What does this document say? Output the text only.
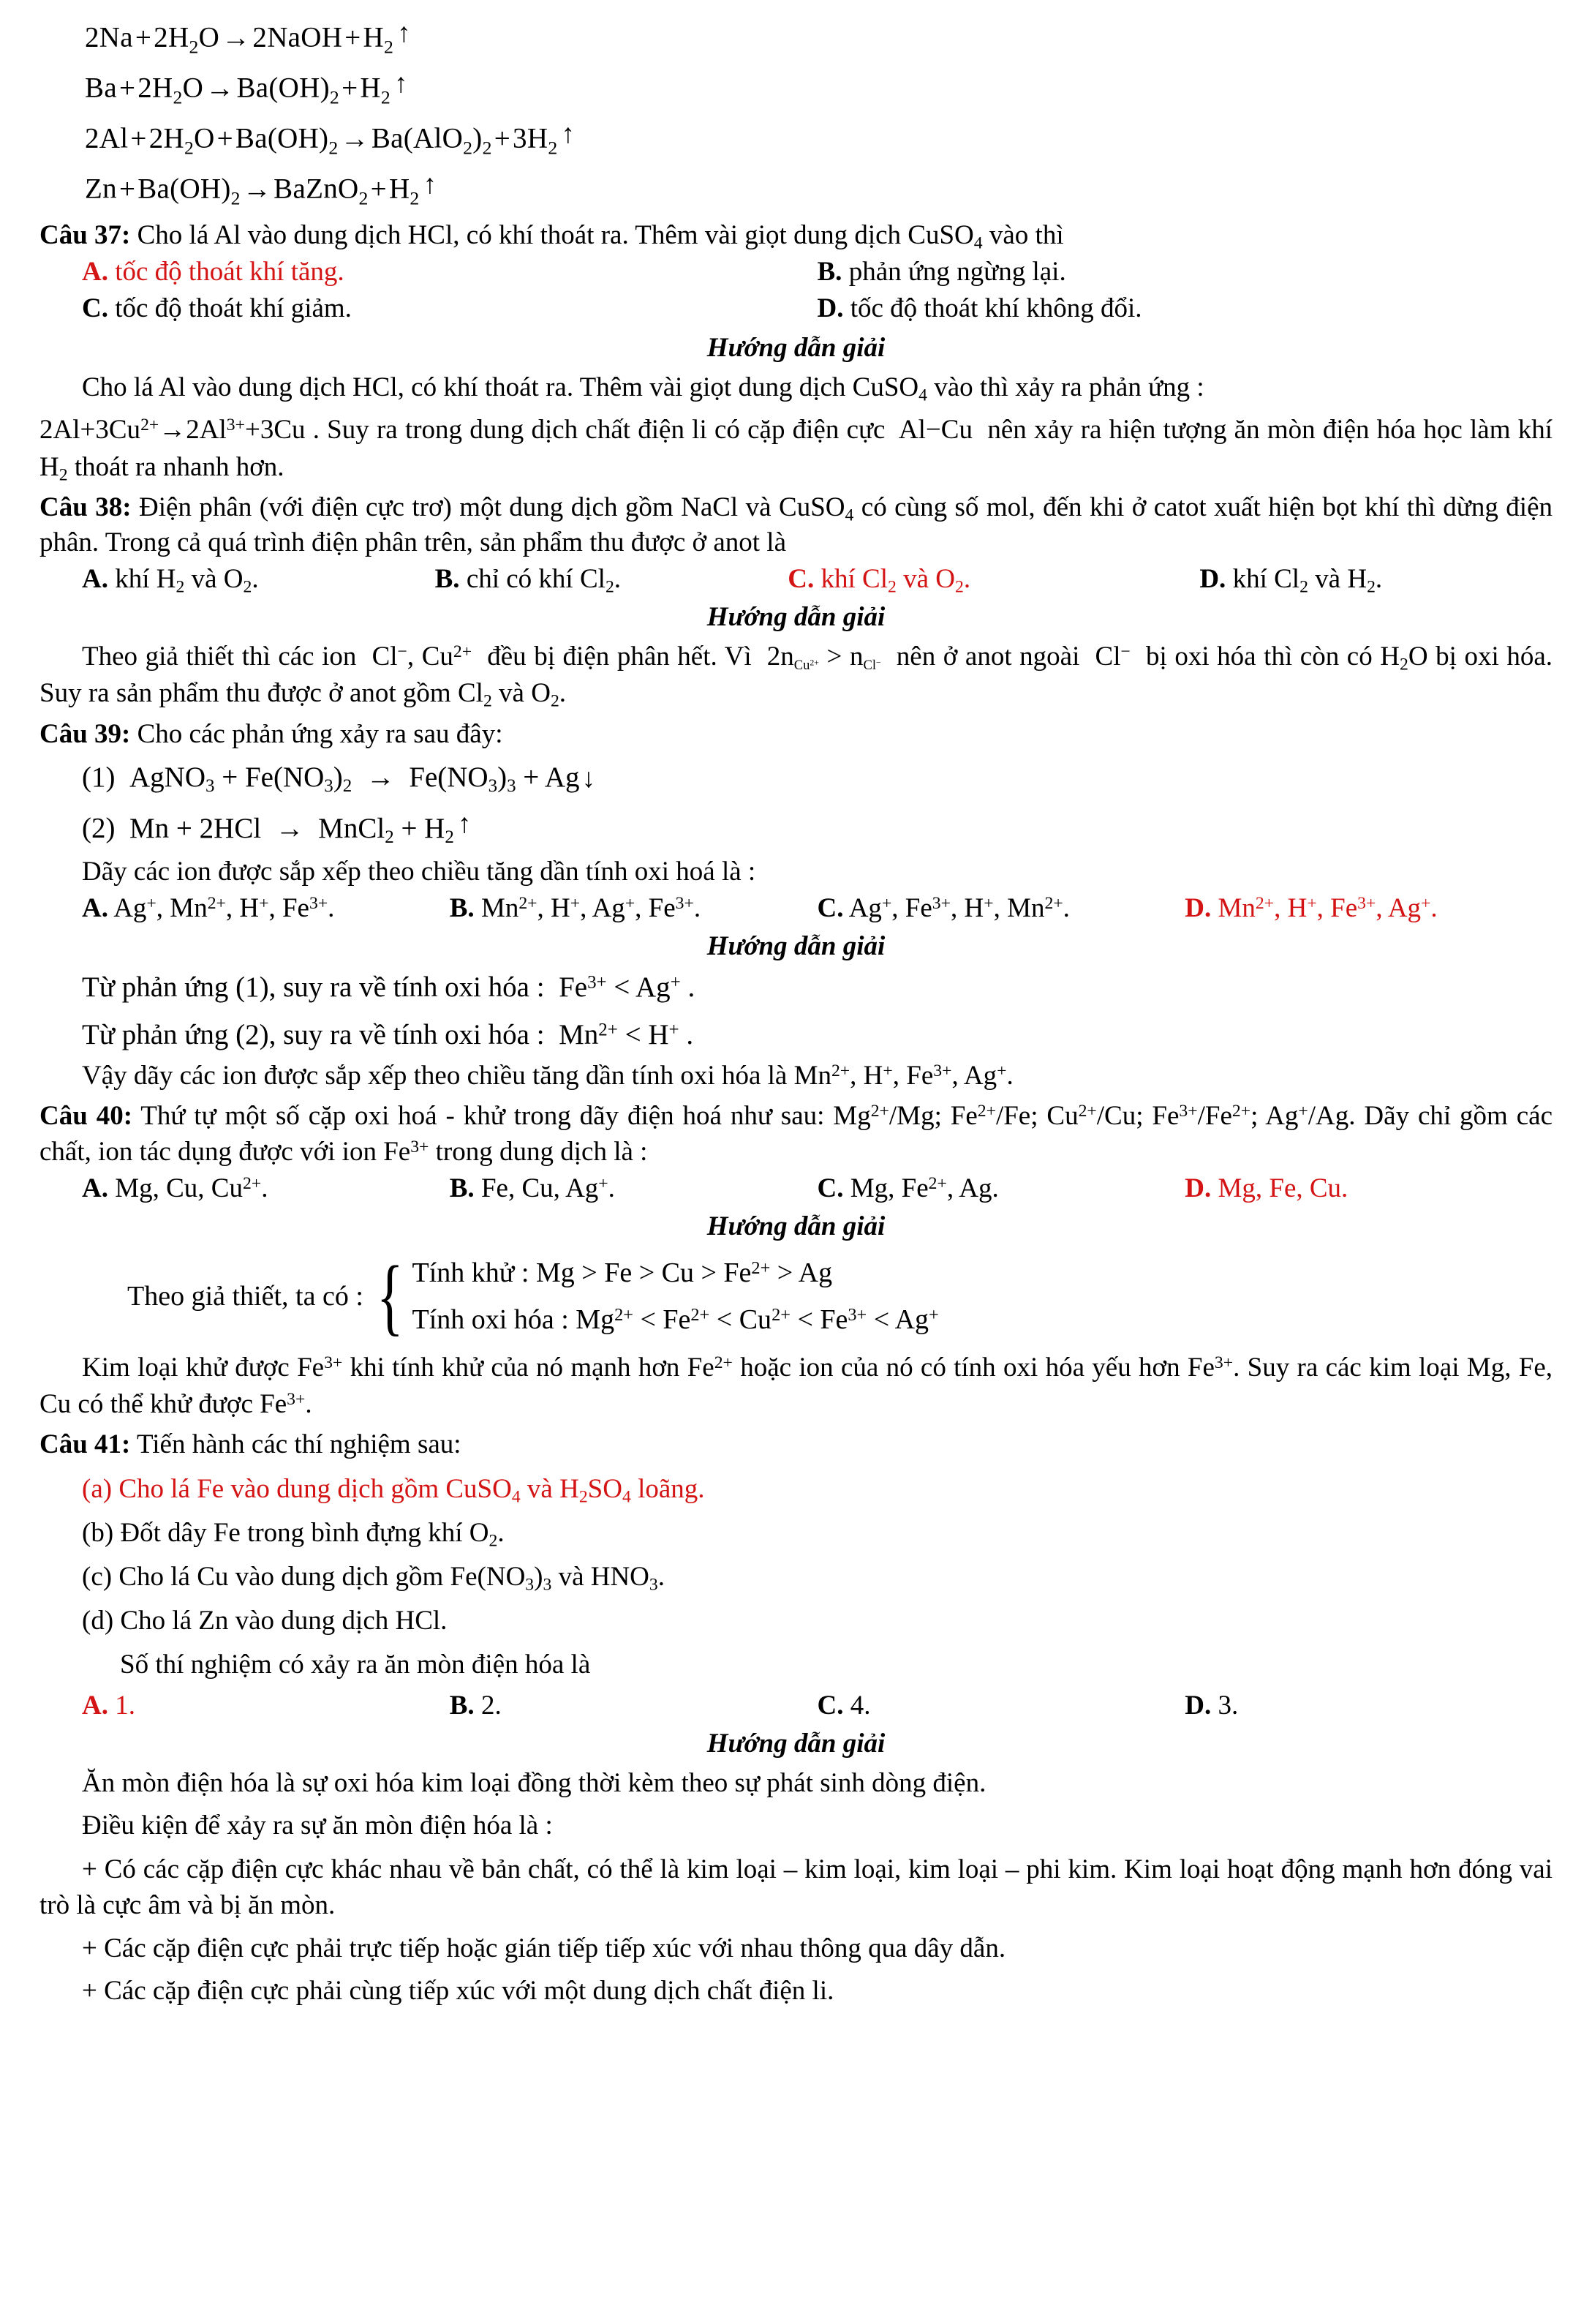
$2Na+2H_2O\to 2NaOH+H_2$ ↑
$Ba+2H_2O\to Ba(OH)_2+H_2$ ↑
$2Al+2H_2O+Ba(OH)_2\to Ba(AlO_2)_2+3H_2$ ↑
$Zn+Ba(OH)_2\to BaZnO_2+H_2$ ↑
Câu 37: Cho lá Al vào dung dịch HCl, có khí thoát ra. Thêm vài giọt dung dịch CuSO$_4$ vào thì
A. tốc độ thoát khí tăng.	B. phản ứng ngừng lại.
C. tốc độ thoát khí giảm.	D. tốc độ thoát khí không đổi.
Hướng dẫn giải
Cho lá Al vào dung dịch HCl, có khí thoát ra. Thêm vài giọt dung dịch CuSO$_4$ vào thì xảy ra phản ứng :
$2Al+3Cu^{2+}\to 2Al^{3+}+3Cu$ . Suy ra trong dung dịch chất điện li có cặp điện cực  Al−Cu  nên xảy ra hiện tượng ăn mòn điện hóa học làm khí $H_2$ thoát ra nhanh hơn.
Câu 38: Điện phân (với điện cực trơ) một dung dịch gồm NaCl và CuSO$_4$ có cùng số mol, đến khi ở catot xuất hiện bọt khí thì dừng điện phân. Trong cả quá trình điện phân trên, sản phẩm thu được ở anot là
A. khí $H_2$ và $O_2$.	B. chỉ có khí $Cl_2$.	C. khí $Cl_2$ và $O_2$.	D. khí $Cl_2$ và $H_2$.
Hướng dẫn giải
Theo giả thiết thì các ion  Cl−, $Cu^{2+}$  đều bị điện phân hết. Vì  2nCu$^{2+}$ > nCl−  nên ở anot ngoài  Cl−  bị oxi hóa thì còn có $H_2O$ bị oxi hóa. Suy ra sản phẩm thu được ở anot gồm $Cl_2$ và $O_2$.
Câu 39: Cho các phản ứng xảy ra sau đây:
(1) AgNO$_3$ + $Fe(NO_3)_2 \to Fe(NO_3)_3$ + Ag↓
(2) Mn + 2HCl  →  MnCl$_2$ + $H_2$ ↑
Dãy các ion được sắp xếp theo chiều tăng dần tính oxi hoá là :
A. Ag+, $Mn^{2+}$, H+, $Fe^{3+}$.	B. $Mn^{2+}$, H+, Ag+, $Fe^{3+}$.	C. Ag+, $Fe^{3+}$, H+, $Mn^{2+}$.	D. $Mn^{2+}$, H+, $Fe^{3+}$, Ag+.
Hướng dẫn giải
Từ phản ứng (1), suy ra về tính oxi hóa :  $Fe^{3+} < Ag^+$ .
Từ phản ứng (2), suy ra về tính oxi hóa :  $Mn^{2+} < H^+$ .
Vậy dãy các ion được sắp xếp theo chiều tăng dần tính oxi hóa là $Mn^{2+}$, H+, $Fe^{3+}$, Ag+.
Câu 40: Thứ tự một số cặp oxi hoá - khử trong dãy điện hoá như sau: $Mg^{2+}/Mg$; $Fe^{2+}/Fe$; $Cu^{2+}/Cu$; $Fe^{3+}/Fe^{2+}$; Ag+/Ag. Dãy chỉ gồm các chất, ion tác dụng được với ion $Fe^{3+}$ trong dung dịch là :
A. Mg, Cu, $Cu^{2+}$.	B. Fe, Cu, Ag+.	C. Mg, $Fe^{2+}$, Ag.	D. Mg, Fe, Cu.
Hướng dẫn giải
Theo giả thiết, ta có : { Tính khử : $Mg > Fe > Cu > Fe^{2+} > Ag$
Tính oxi hóa : $Mg^{2+} < Fe^{2+} < Cu^{2+} < Fe^{3+} < Ag^+$
Kim loại khử được $Fe^{3+}$ khi tính khử của nó mạnh hơn $Fe^{2+}$ hoặc ion của nó có tính oxi hóa yếu hơn $Fe^{3+}$. Suy ra các kim loại Mg, Fe, Cu có thể khử được $Fe^{3+}$.
Câu 41: Tiến hành các thí nghiệm sau:
(a) Cho lá Fe vào dung dịch gồm CuSO$_4$ và $H_2SO_4$ loãng.
(b) Đốt dây Fe trong bình đựng khí $O_2$.
(c) Cho lá Cu vào dung dịch gồm $Fe(NO_3)_3$ và $HNO_3$.
(d) Cho lá Zn vào dung dịch HCl.
Số thí nghiệm có xảy ra ăn mòn điện hóa là
A. 1.	B. 2.	C. 4.	D. 3.
Hướng dẫn giải
Ăn mòn điện hóa là sự oxi hóa kim loại đồng thời kèm theo sự phát sinh dòng điện.
Điều kiện để xảy ra sự ăn mòn điện hóa là :
+ Có các cặp điện cực khác nhau về bản chất, có thể là kim loại – kim loại, kim loại – phi kim. Kim loại hoạt động mạnh hơn đóng vai trò là cực âm và bị ăn mòn.
+ Các cặp điện cực phải trực tiếp hoặc gián tiếp tiếp xúc với nhau thông qua dây dẫn.
+ Các cặp điện cực phải cùng tiếp xúc với một dung dịch chất điện li.
